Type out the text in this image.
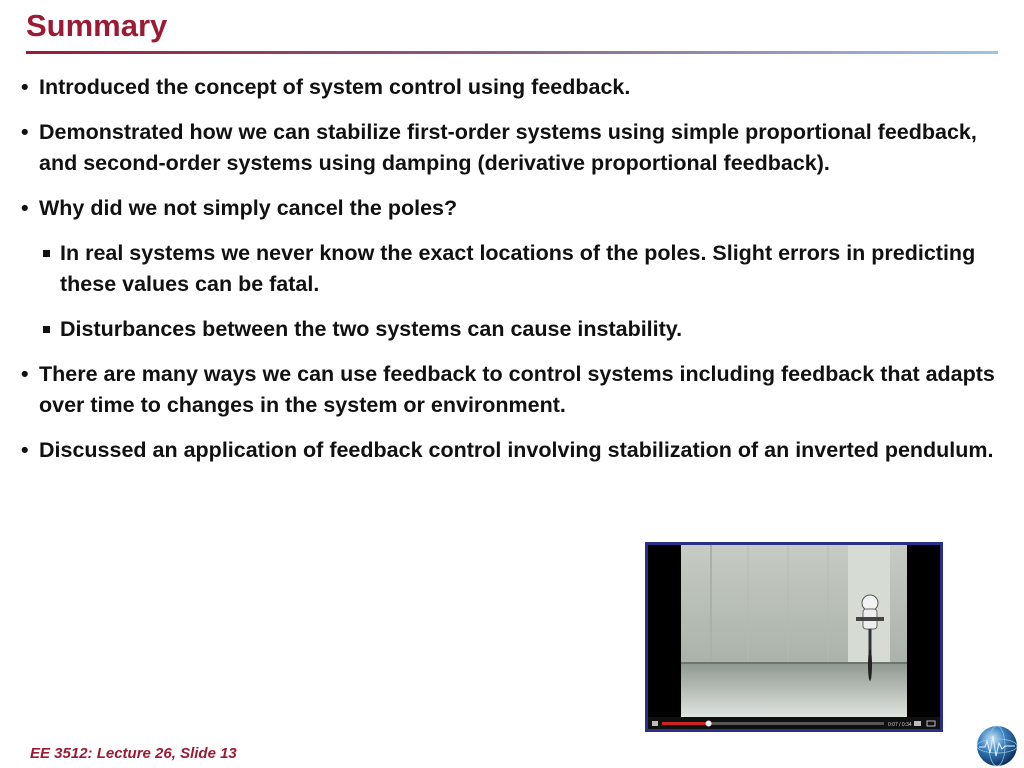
Summary
• Introduced the concept of system control using feedback.
• Demonstrated how we can stabilize first-order systems using simple proportional feedback, and second-order systems using damping (derivative proportional feedback).
• Why did we not simply cancel the poles?
In real systems we never know the exact locations of the poles. Slight errors in predicting these values can be fatal.
Disturbances between the two systems can cause instability.
• There are many ways we can use feedback to control systems including feedback that adapts over time to changes in the system or environment.
• Discussed an application of feedback control involving stabilization of an inverted pendulum.
0:07 / 0:34
EE 3512: Lecture 26, Slide 13
